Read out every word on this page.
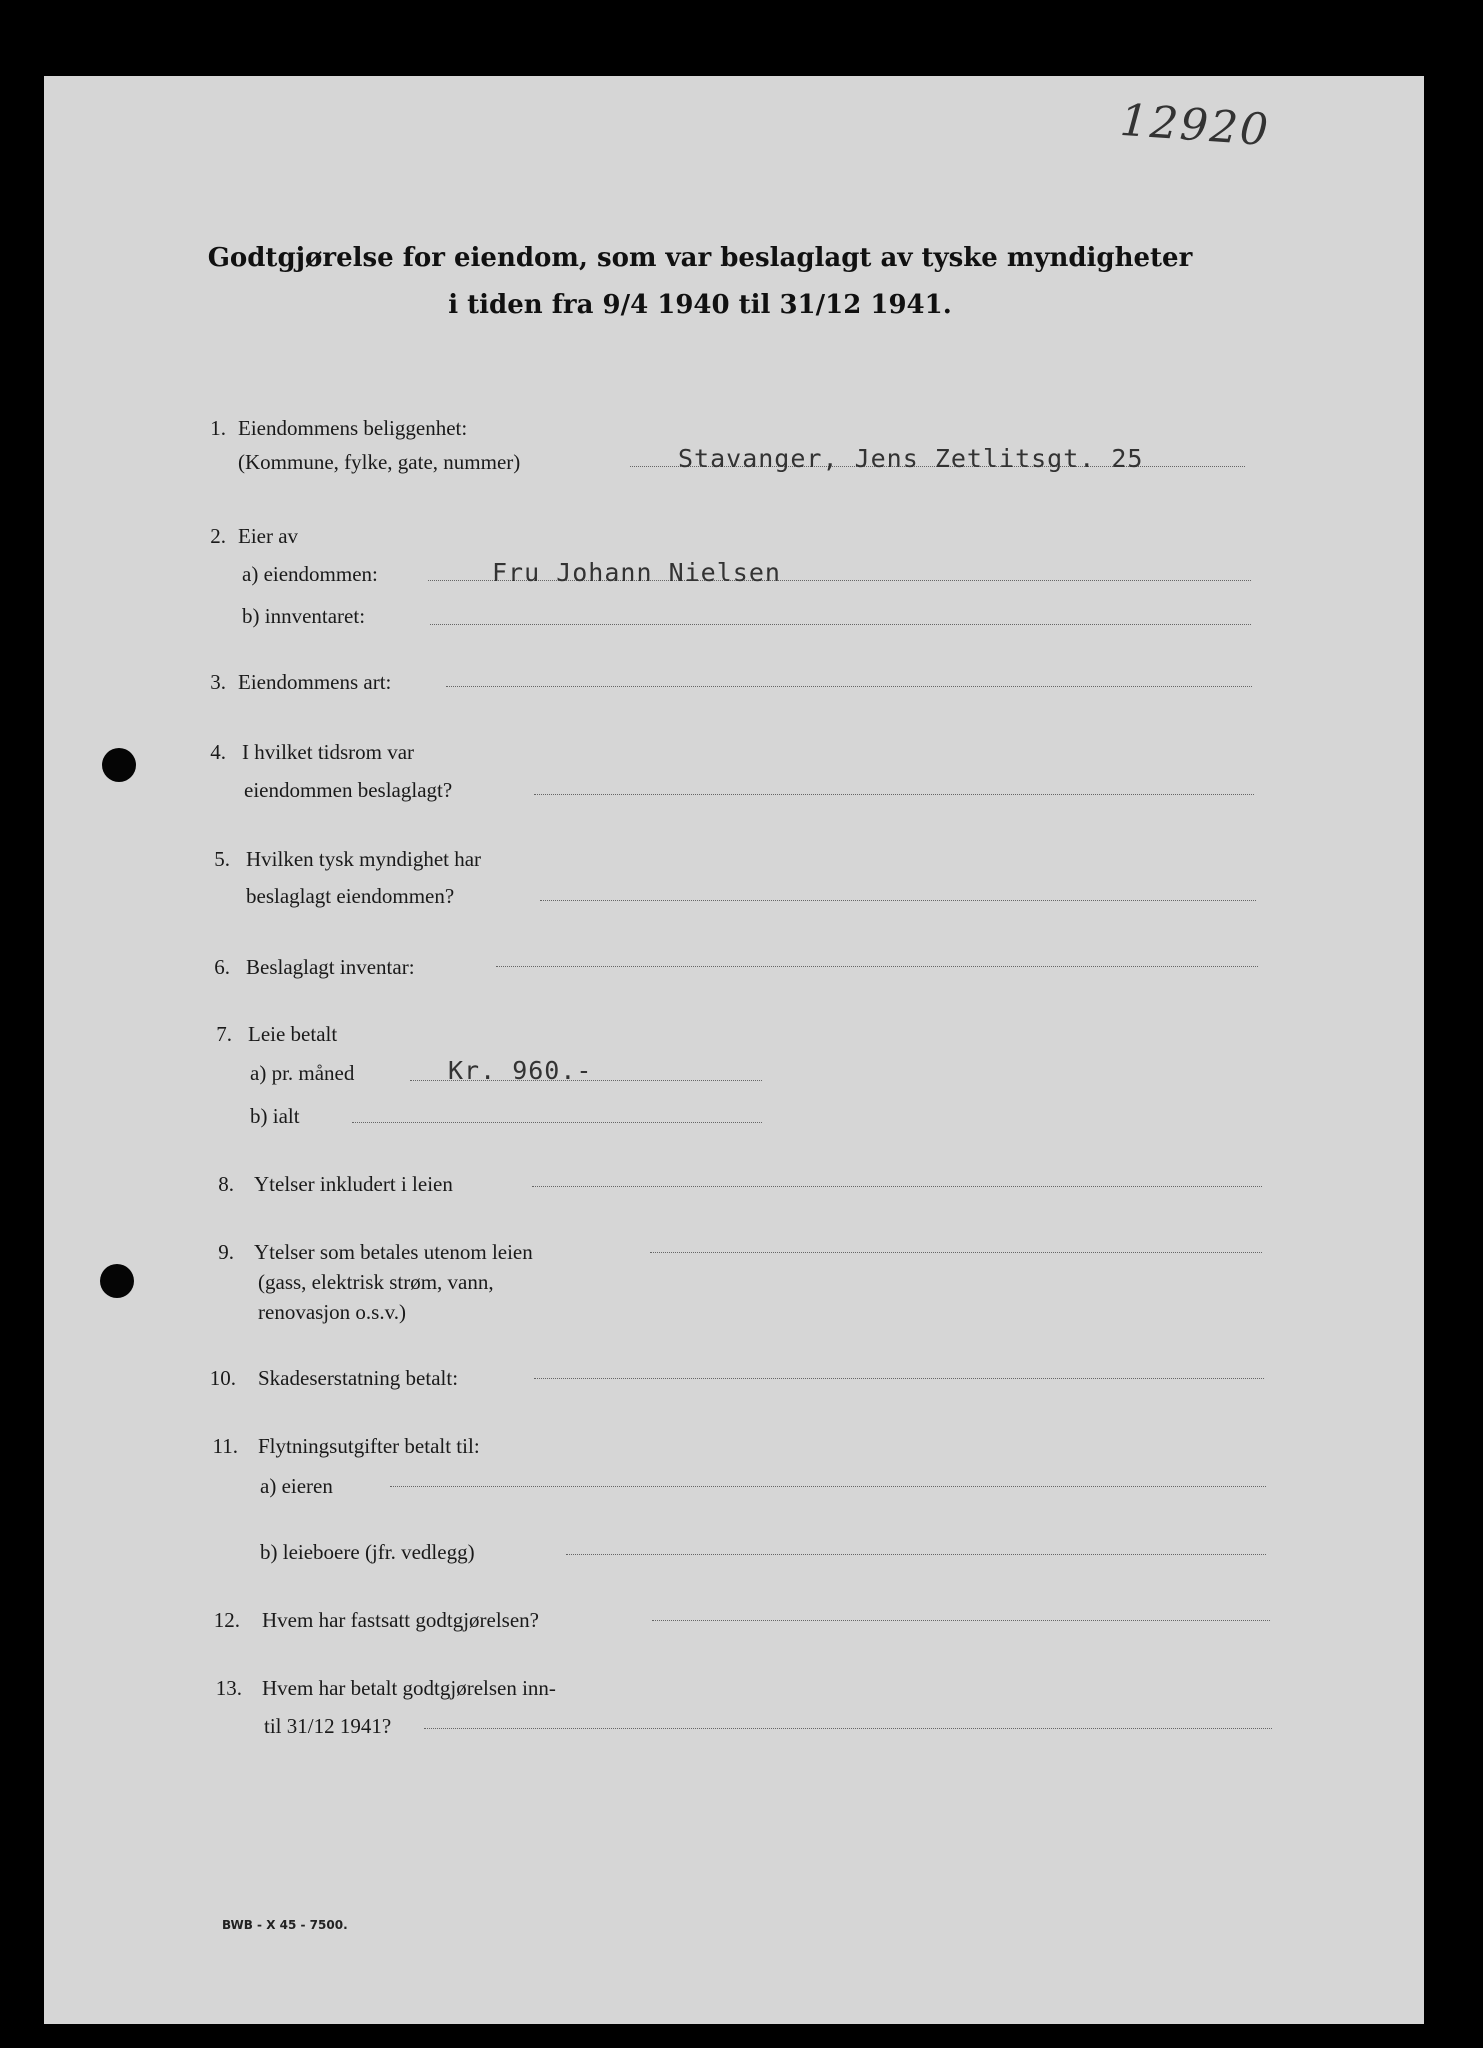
12920
Godtgjørelse for eiendom, som var beslaglagt av tyske myndigheter
i tiden fra 9/4 1940 til 31/12 1941.
1. Eiendommens beliggenhet:
(Kommune, fylke, gate, nummer)	Stavanger, Jens Zetlitsgt. 25
2. Eier av
a) eiendommen:	Fru Johann Nielsen
b) innventaret:
3. Eiendommens art:
4. I hvilket tidsrom var
eiendommen beslaglagt?
5. Hvilken tysk myndighet har
beslaglagt eiendommen?
6. Beslaglagt inventar:
7. Leie betalt
a) pr. måned	Kr. 960.-
b) ialt
8. Ytelser inkludert i leien
9. Ytelser som betales utenom leien
(gass, elektrisk strøm, vann,
renovasjon o.s.v.)
10. Skadeserstatning betalt:
11. Flytningsutgifter betalt til:
a) eieren
b) leieboere (jfr. vedlegg)
12. Hvem har fastsatt godtgjørelsen?
13. Hvem har betalt godtgjørelsen inn-
til 31/12 1941?
BWB - X 45 - 7500.
